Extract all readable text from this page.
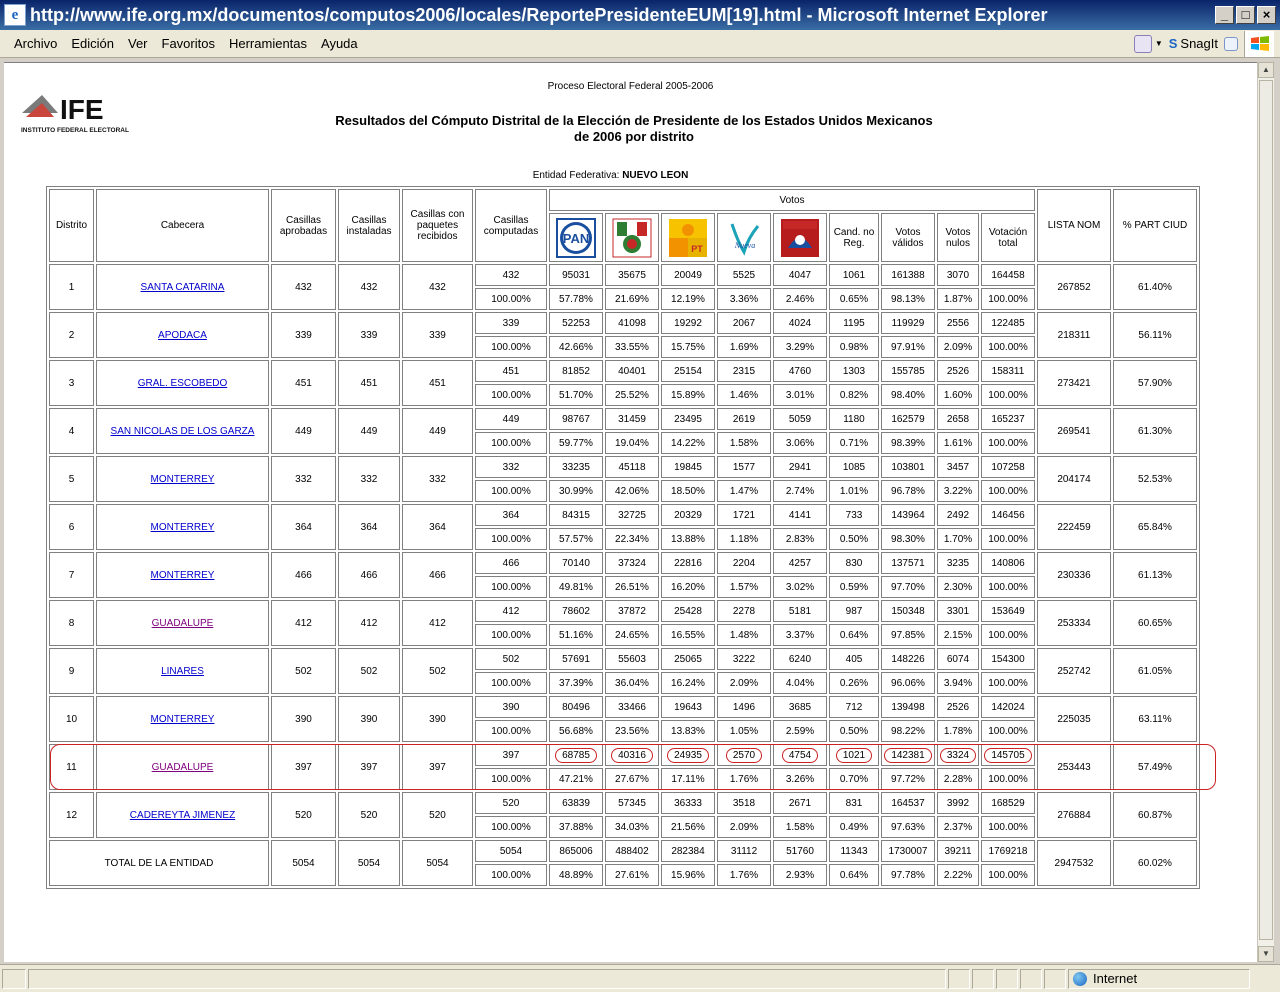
e http://www.ife.org.mx/documentos/computos2006/locales/ReportePresidenteEUM[19].html - Microsoft Internet Explorer	_	□	×
Archivo Edición Ver Favoritos Herramientas Ayuda	▼ S SnagIt
IFE
INSTITUTO FEDERAL ELECTORAL
Proceso Electoral Federal 2005-2006
Resultados del Cómputo Distrital de la Elección de Presidente de los Estados Unidos Mexicanos
de 2006 por distrito
Entidad Federativa: NUEVO LEON
Distrito	Cabecera	Casillas aprobadas	Casillas instaladas	Casillas con paquetes recibidos	Casillas computadas	Votos									LISTA NOM	% PART CIUD

PAN		PT	Nueva		Cand. no Reg.	Votos válidos	Votos nulos	Votación total		
1	SANTA CATARINA	432	432	432	432	95031	35675	20049	5525	4047	1061	161388	3070	164458	267852	61.40%
					100.00%	57.78%	21.69%	12.19%	3.36%	2.46%	0.65%	98.13%	1.87%	100.00%		
2	APODACA	339	339	339	339	52253	41098	19292	2067	4024	1195	119929	2556	122485	218311	56.11%
					100.00%	42.66%	33.55%	15.75%	1.69%	3.29%	0.98%	97.91%	2.09%	100.00%		
3	GRAL. ESCOBEDO	451	451	451	451	81852	40401	25154	2315	4760	1303	155785	2526	158311	273421	57.90%
					100.00%	51.70%	25.52%	15.89%	1.46%	3.01%	0.82%	98.40%	1.60%	100.00%		
4	SAN NICOLAS DE LOS GARZA	449	449	449	449	98767	31459	23495	2619	5059	1180	162579	2658	165237	269541	61.30%
					100.00%	59.77%	19.04%	14.22%	1.58%	3.06%	0.71%	98.39%	1.61%	100.00%		
5	MONTERREY	332	332	332	332	33235	45118	19845	1577	2941	1085	103801	3457	107258	204174	52.53%
					100.00%	30.99%	42.06%	18.50%	1.47%	2.74%	1.01%	96.78%	3.22%	100.00%		
6	MONTERREY	364	364	364	364	84315	32725	20329	1721	4141	733	143964	2492	146456	222459	65.84%
					100.00%	57.57%	22.34%	13.88%	1.18%	2.83%	0.50%	98.30%	1.70%	100.00%		
7	MONTERREY	466	466	466	466	70140	37324	22816	2204	4257	830	137571	3235	140806	230336	61.13%
					100.00%	49.81%	26.51%	16.20%	1.57%	3.02%	0.59%	97.70%	2.30%	100.00%		
8	GUADALUPE	412	412	412	412	78602	37872	25428	2278	5181	987	150348	3301	153649	253334	60.65%
					100.00%	51.16%	24.65%	16.55%	1.48%	3.37%	0.64%	97.85%	2.15%	100.00%		
9	LINARES	502	502	502	502	57691	55603	25065	3222	6240	405	148226	6074	154300	252742	61.05%
					100.00%	37.39%	36.04%	16.24%	2.09%	4.04%	0.26%	96.06%	3.94%	100.00%		
10	MONTERREY	390	390	390	390	80496	33466	19643	1496	3685	712	139498	2526	142024	225035	63.11%
					100.00%	56.68%	23.56%	13.83%	1.05%	2.59%	0.50%	98.22%	1.78%	100.00%		
11	GUADALUPE	397	397	397	397	68785	40316	24935	2570	4754	1021	142381	3324	145705	253443	57.49%
					100.00%	47.21%	27.67%	17.11%	1.76%	3.26%	0.70%	97.72%	2.28%	100.00%		
12	CADEREYTA JIMENEZ	520	520	520	520	63839	57345	36333	3518	2671	831	164537	3992	168529	276884	60.87%
					100.00%	37.88%	34.03%	21.56%	2.09%	1.58%	0.49%	97.63%	2.37%	100.00%		
TOTAL DE LA ENTIDAD		5054	5054	5054	5054	865006	488402	282384	31112	51760	11343	1730007	39211	1769218	2947532	60.02%
					100.00%	48.89%	27.61%	15.96%	1.76%	2.93%	0.64%	97.78%	2.22%	100.00%		
▲
▼
Internet
